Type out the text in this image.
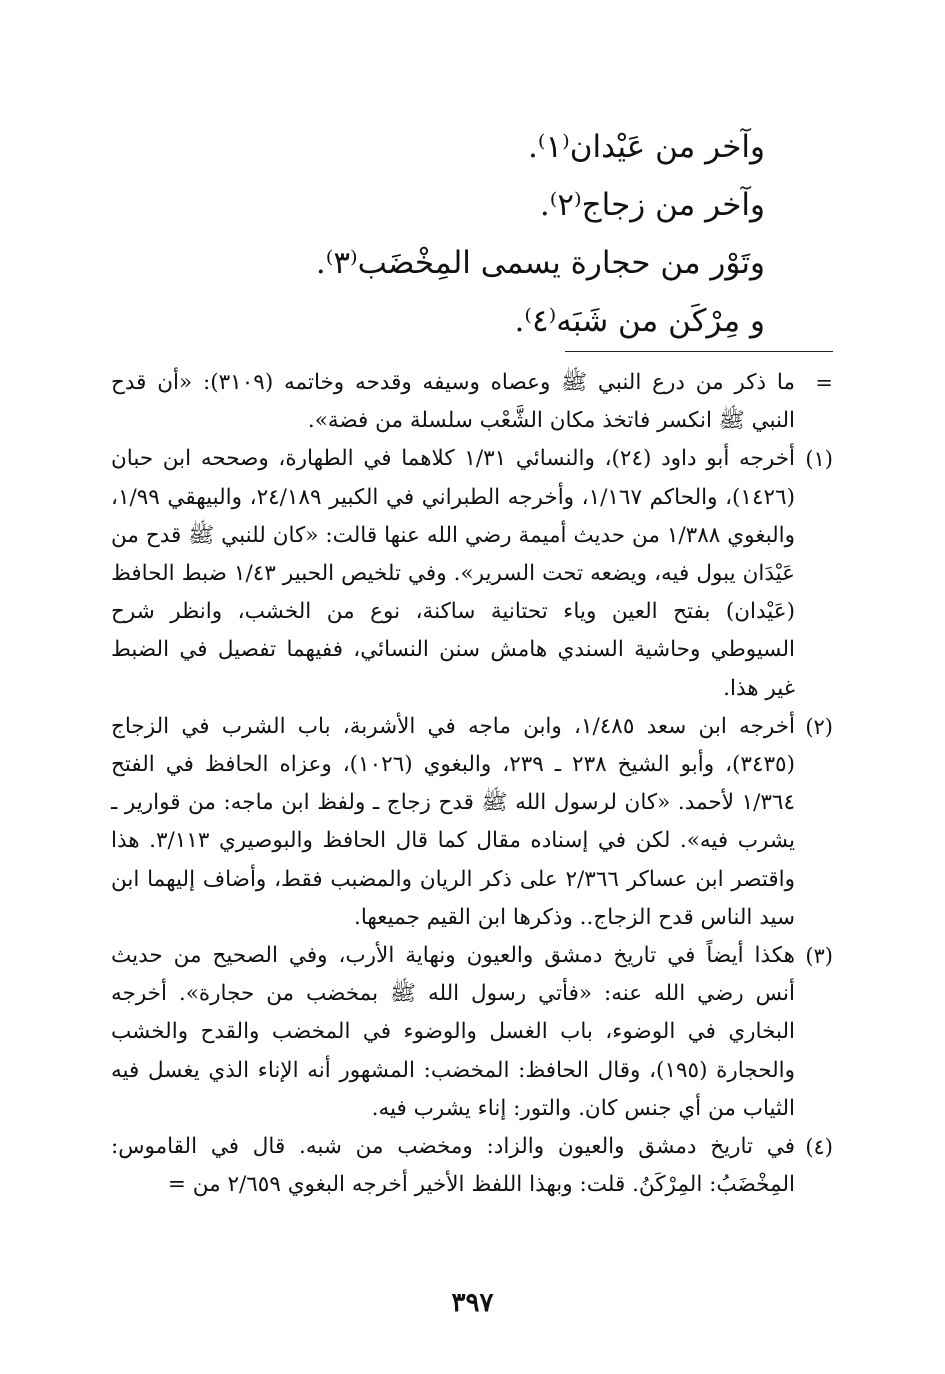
وآخر من عَيْدان⁽١⁾.
وآخر من زجاج⁽٢⁾.
وتَوْر من حجارة يسمى المِخْضَب⁽٣⁾.
و مِرْكَن من شَبَه⁽٤⁾.
=
ما ذكر من درع النبي ﷺ وعصاه وسيفه وقدحه وخاتمه (٣١٠٩): «أن قدح النبي ﷺ انكسر فاتخذ مكان الشَّعْب سلسلة من فضة».
(١)
أخرجه أبو داود (٢٤)، والنسائي ١/٣١ كلاهما في الطهارة، وصححه ابن حبان (١٤٢٦)، والحاكم ١/١٦٧، وأخرجه الطبراني في الكبير ٢٤/١٨٩، والبيهقي ١/٩٩، والبغوي ١/٣٨٨ من حديث أميمة رضي الله عنها قالت: «كان للنبي ﷺ قدح من عَيْدَان يبول فيه، ويضعه تحت السرير». وفي تلخيص الحبير ١/٤٣ ضبط الحافظ (عَيْدان) بفتح العين وياء تحتانية ساكنة، نوع من الخشب، وانظر شرح السيوطي وحاشية السندي هامش سنن النسائي، ففيهما تفصيل في الضبط غير هذا.
(٢)
أخرجه ابن سعد ١/٤٨٥، وابن ماجه في الأشربة، باب الشرب في الزجاج (٣٤٣٥)، وأبو الشيخ ٢٣٨ ـ ٢٣٩، والبغوي (١٠٢٦)، وعزاه الحافظ في الفتح ١/٣٦٤ لأحمد. «كان لرسول الله ﷺ قدح زجاج ـ ولفظ ابن ماجه: من قوارير ـ يشرب فيه». لكن في إسناده مقال كما قال الحافظ والبوصيري ٣/١١٣. هذا واقتصر ابن عساكر ٢/٣٦٦ على ذكر الريان والمضبب فقط، وأضاف إليهما ابن سيد الناس قدح الزجاج.. وذكرها ابن القيم جميعها.
(٣)
هكذا أيضاً في تاريخ دمشق والعيون ونهاية الأرب، وفي الصحيح من حديث أنس رضي الله عنه: «فأتي رسول الله ﷺ بمخضب من حجارة». أخرجه البخاري في الوضوء، باب الغسل والوضوء في المخضب والقدح والخشب والحجارة (١٩٥)، وقال الحافظ: المخضب: المشهور أنه الإناء الذي يغسل فيه الثياب من أي جنس كان. والتور: إناء يشرب فيه.
(٤)
في تاريخ دمشق والعيون والزاد: ومخضب من شبه. قال في القاموس: المِخْضَبُ: المِرْكَنُ. قلت: وبهذا اللفظ الأخير أخرجه البغوي ٢/٦٥٩ من =
٣٩٧
